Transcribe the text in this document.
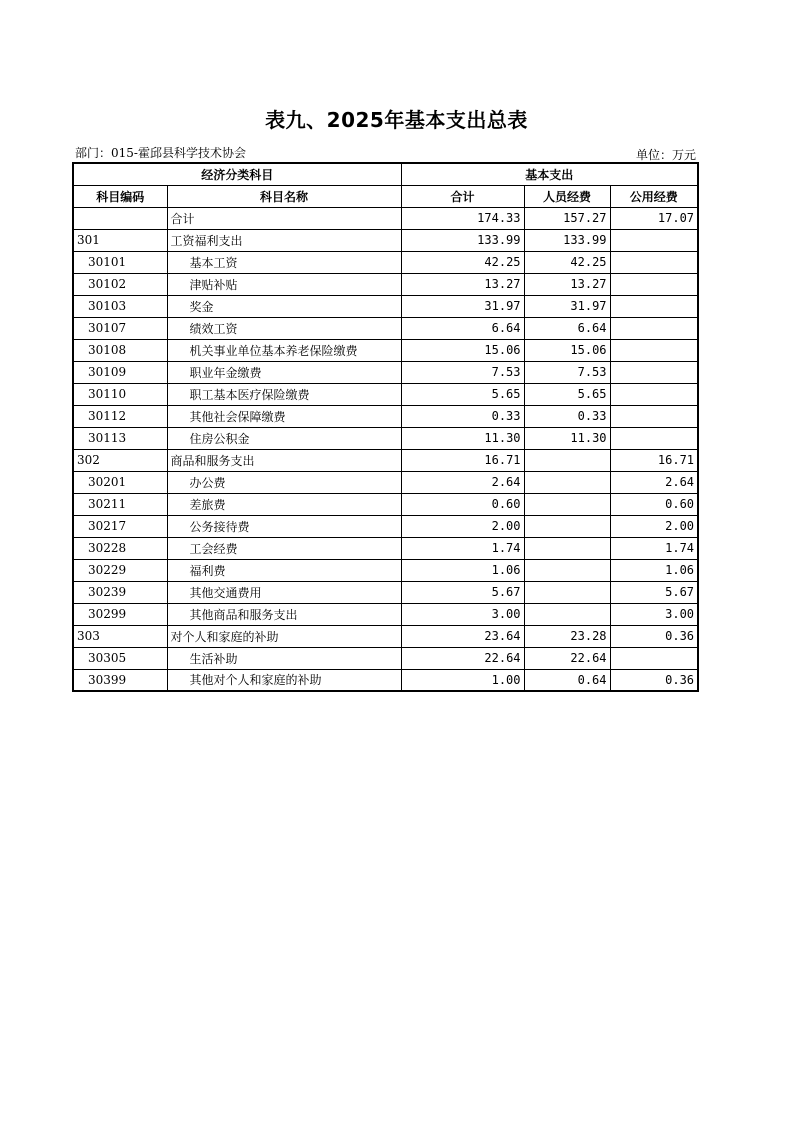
表九、2025年基本支出总表
部门：015-霍邱县科学技术协会	单位：万元
经济分类科目		基本支出		
科目编码	科目名称	合计	人员经费	公用经费
	合计	174.33	157.27	17.07
301	工资福利支出	133.99	133.99	
30101	基本工资	42.25	42.25	
30102	津贴补贴	13.27	13.27	
30103	奖金	31.97	31.97	
30107	绩效工资	6.64	6.64	
30108	机关事业单位基本养老保险缴费	15.06	15.06	
30109	职业年金缴费	7.53	7.53	
30110	职工基本医疗保险缴费	5.65	5.65	
30112	其他社会保障缴费	0.33	0.33	
30113	住房公积金	11.30	11.30	
302	商品和服务支出	16.71		16.71
30201	办公费	2.64		2.64
30211	差旅费	0.60		0.60
30217	公务接待费	2.00		2.00
30228	工会经费	1.74		1.74
30229	福利费	1.06		1.06
30239	其他交通费用	5.67		5.67
30299	其他商品和服务支出	3.00		3.00
303	对个人和家庭的补助	23.64	23.28	0.36
30305	生活补助	22.64	22.64	
30399	其他对个人和家庭的补助	1.00	0.64	0.36
